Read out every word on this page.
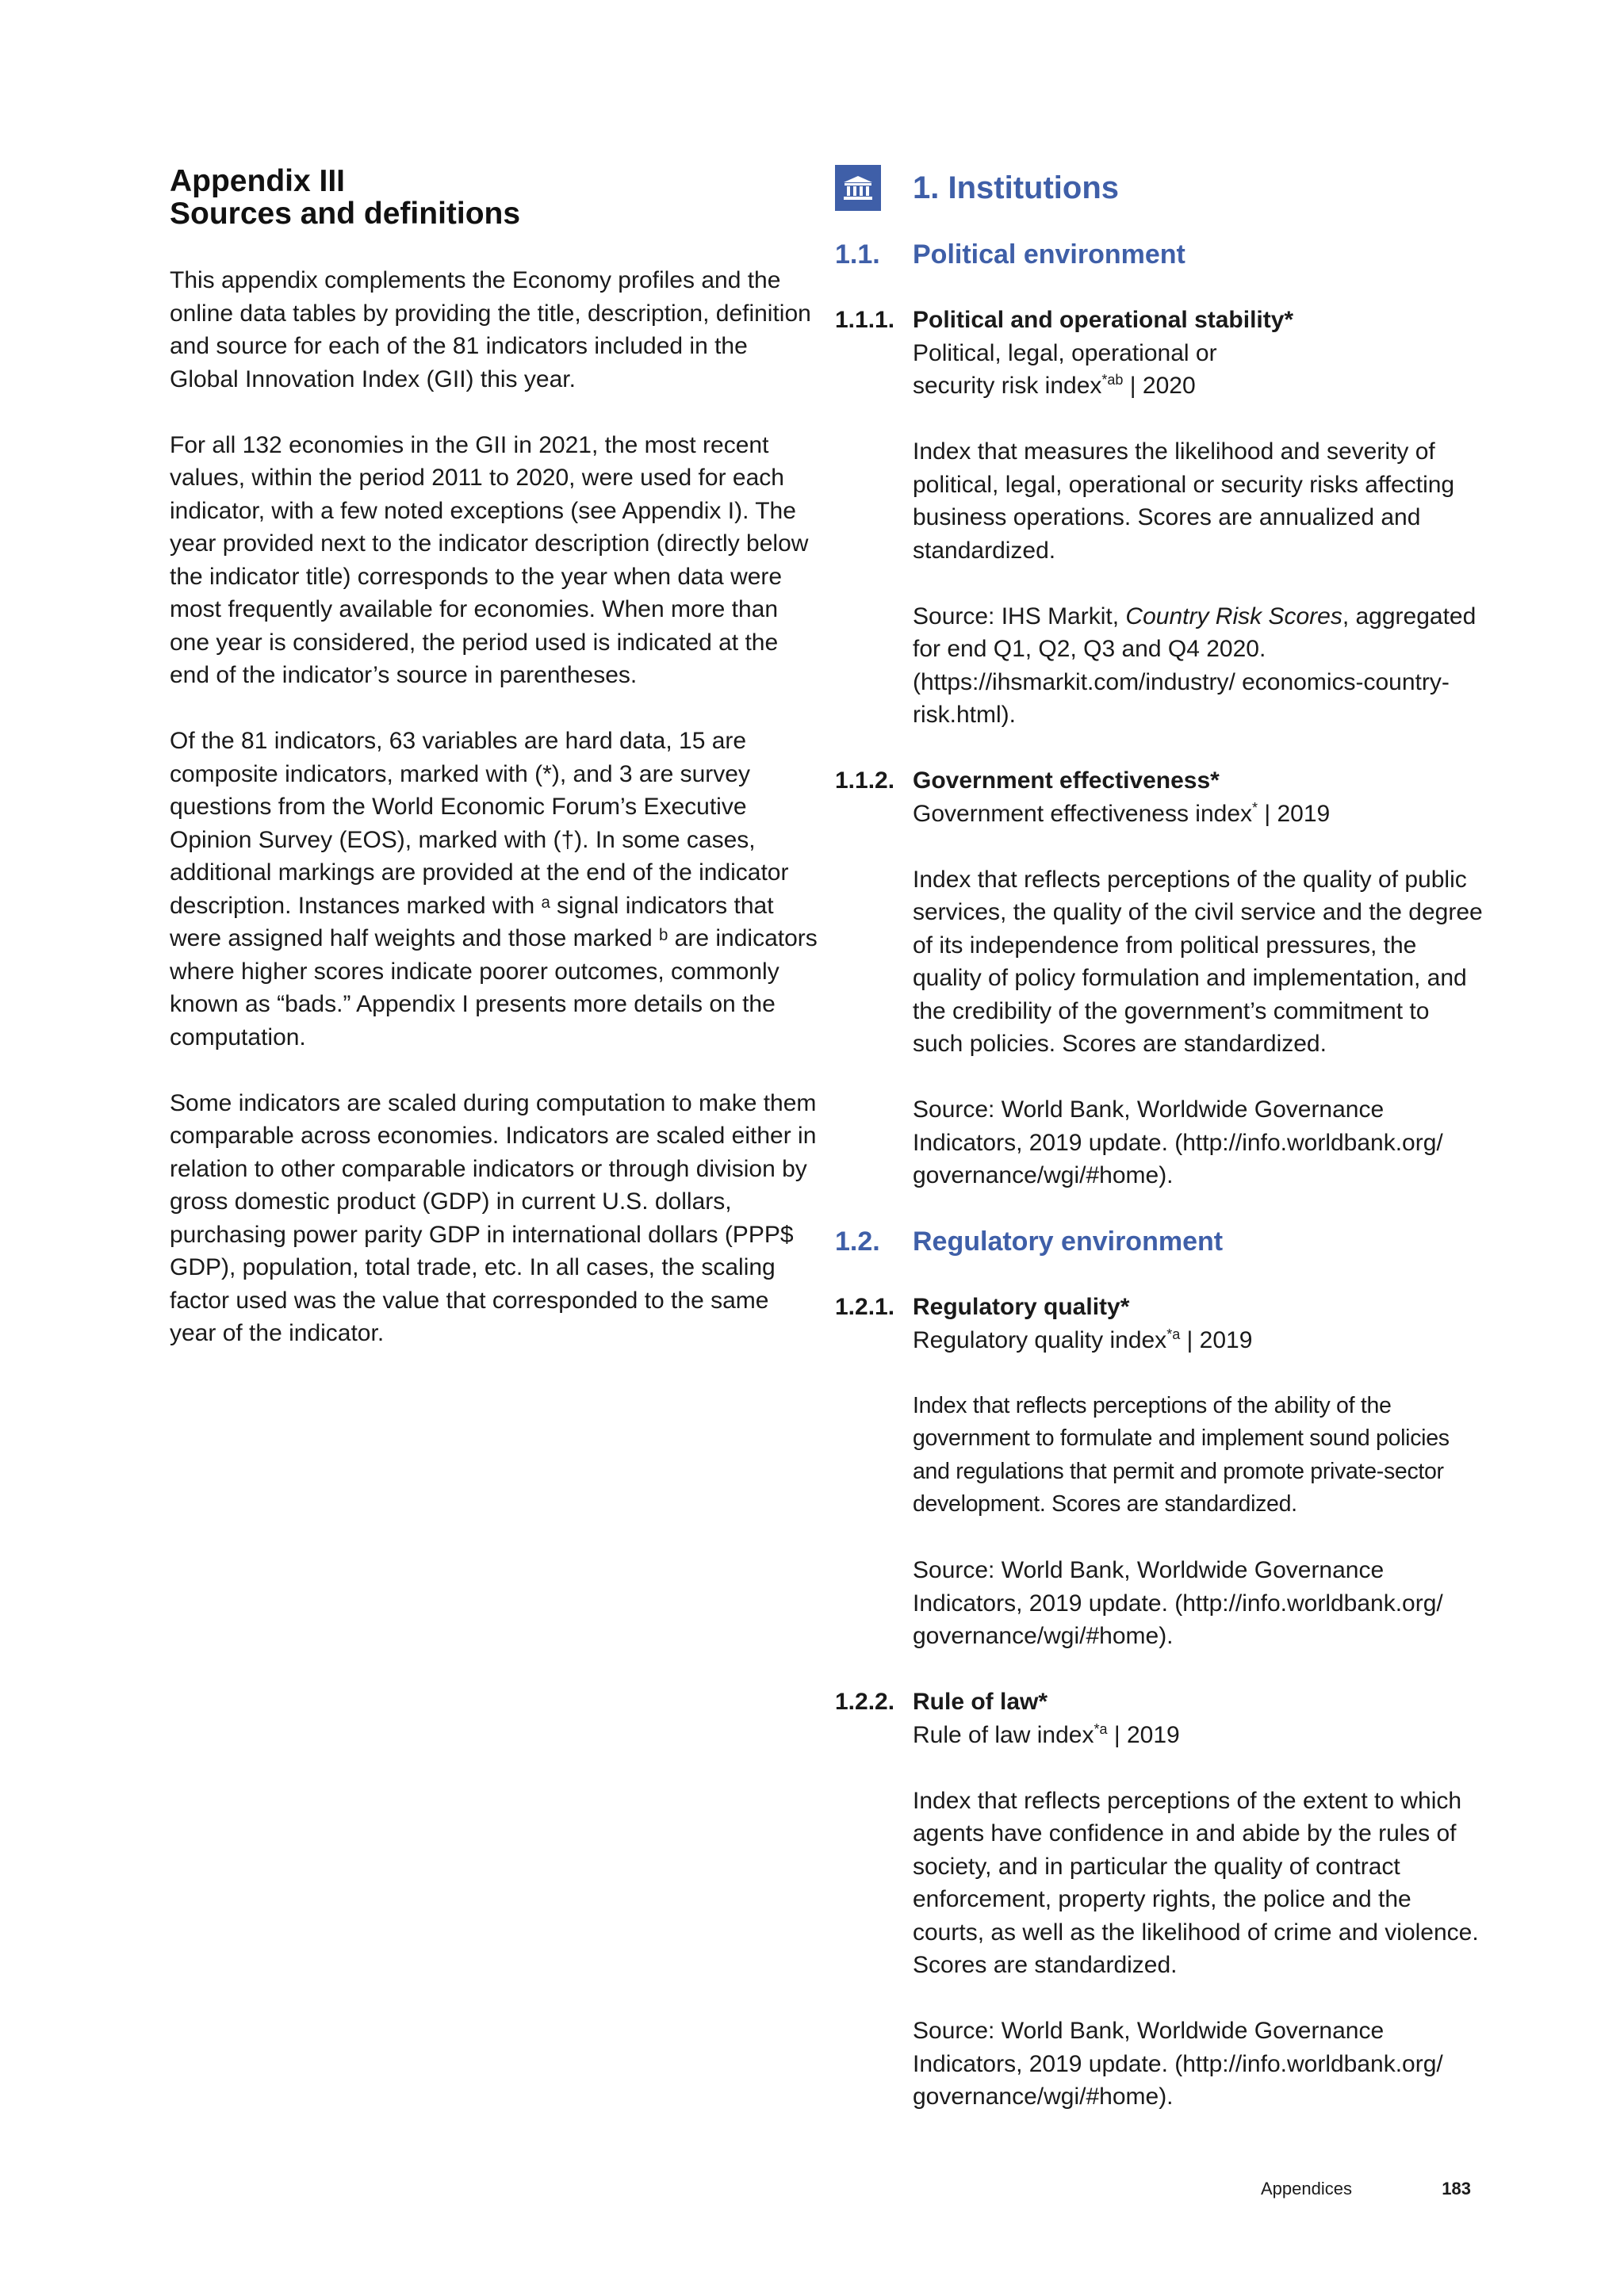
Appendix III
Sources and definitions

This appendix complements the Economy profiles and the online data tables by providing the title, description, definition and source for each of the 81 indicators included in the Global Innovation Index (GII) this year.

For all 132 economies in the GII in 2021, the most recent values, within the period 2011 to 2020, were used for each indicator, with a few noted exceptions (see Appendix I). The year provided next to the indicator description (directly below the indicator title) corresponds to the year when data were most frequently available for economies. When more than one year is considered, the period used is indicated at the end of the indicator’s source in parentheses.

Of the 81 indicators, 63 variables are hard data, 15 are composite indicators, marked with (*), and 3 are survey questions from the World Economic Forum’s Executive Opinion Survey (EOS), marked with (†). In some cases, additional markings are provided at the end of the indicator description. Instances marked with ᵃ signal indicators that were assigned half weights and those marked ᵇ are indicators where higher scores indicate poorer outcomes, commonly known as “bads.” Appendix I presents more details on the computation.

Some indicators are scaled during computation to make them comparable across economies. Indicators are scaled either in relation to other comparable indicators or through division by gross domestic product (GDP) in current U.S. dollars, purchasing power parity GDP in international dollars (PPP$ GDP), population, total trade, etc. In all cases, the scaling factor used was the value that corresponded to the same year of the indicator.

1. Institutions
1.1.	Political environment
1.1.1. Political and operational stability*
Political, legal, operational or
security risk index$^{*ab}$ | 2020
Index that measures the likelihood and severity of political, legal, operational or security risks affecting business operations. Scores are annualized and standardized.
Source: IHS Markit, Country Risk Scores, aggregated for end Q1, Q2, Q3 and Q4 2020. (https://ihsmarkit.com/industry/ economics-country-risk.html).
1.1.2. Government effectiveness*
Government effectiveness index* | 2019
Index that reflects perceptions of the quality of public services, the quality of the civil service and the degree of its independence from political pressures, the quality of policy formulation and implementation, and the credibility of the government’s commitment to such policies. Scores are standardized.
Source: World Bank, Worldwide Governance Indicators, 2019 update. (http://info.worldbank.org/ governance/wgi/#home).
1.2.	Regulatory environment
1.2.1. Regulatory quality*
Regulatory quality index$^{*a}$ | 2019
Index that reflects perceptions of the ability of the government to formulate and implement sound policies and regulations that permit and promote private-sector development. Scores are standardized.
Source: World Bank, Worldwide Governance Indicators, 2019 update. (http://info.worldbank.org/ governance/wgi/#home).
1.2.2. Rule of law*
Rule of law index$^{*a}$ | 2019
Index that reflects perceptions of the extent to which agents have confidence in and abide by the rules of society, and in particular the quality of contract enforcement, property rights, the police and the courts, as well as the likelihood of crime and violence. Scores are standardized.
Source: World Bank, Worldwide Governance Indicators, 2019 update. (http://info.worldbank.org/ governance/wgi/#home).
Appendices	183
